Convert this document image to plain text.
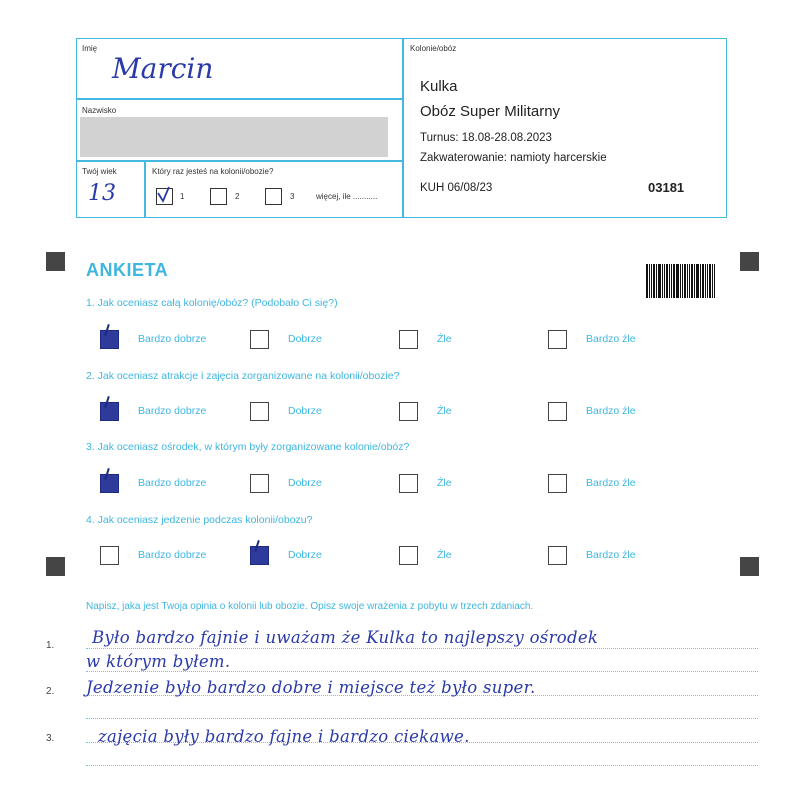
Imię
Marcin
Nazwisko
Twój wiek
13
Który raz jesteś na kolonii/obozie?
1	2	3	więcej, ile ...........
Kolonie/obóz
Kulka
Obóz Super Militarny
Turnus: 18.08-28.08.2023
Zakwaterowanie: namioty harcerskie
KUH 06/08/23	03181
ANKIETA
1. Jak oceniasz całą kolonię/obóz? (Podobało Ci się?)
Bardzo dobrze	Dobrze	Źle	Bardzo źle
2. Jak oceniasz atrakcje i zajęcia zorganizowane na kolonii/obozie?
Bardzo dobrze	Dobrze	Źle	Bardzo źle
3. Jak oceniasz ośrodek, w którym były zorganizowane kolonie/obóz?
Bardzo dobrze	Dobrze	Źle	Bardzo źle
4. Jak oceniasz jedzenie podczas kolonii/obozu?
Bardzo dobrze	Dobrze	Źle	Bardzo źle
Napisz, jaka jest Twoja opinia o kolonii lub obozie. Opisz swoje wrażenia z pobytu w trzech zdaniach.
1.
2.
3.
Było bardzo fajnie i uważam że Kulka to najlepszy ośrodek
w którym byłem.
Jedzenie było bardzo dobre i miejsce też było super.
zajęcia były bardzo fajne i bardzo ciekawe.
